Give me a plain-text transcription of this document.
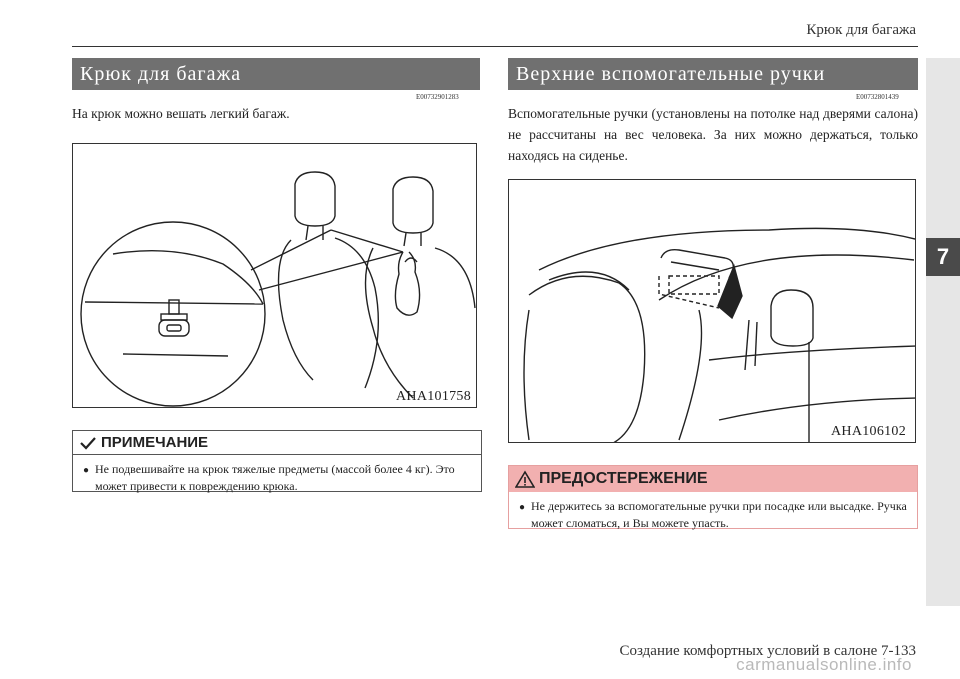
Крюк для багажа
7
Крюк для багажа
E00732901283
На крюк можно вешать легкий багаж.
AHA101758
ПРИМЕЧАНИЕ
● Не подвешивайте на крюк тяжелые предметы (массой более 4 кг). Это может привести к повреждению крюка.
Верхние вспомогательные ручки
E00732801439
Вспомогательные ручки (установлены на потолке над дверями салона) не рассчитаны на вес человека. За них можно держаться, только находясь на сиденье.
AHA106102
ПРЕДОСТЕРЕЖЕНИЕ
● Не держитесь за вспомогательные ручки при посадке или высадке. Ручка может сломаться, и Вы можете упасть.
Создание комфортных условий в салоне 7-133
carmanualsonline.info
